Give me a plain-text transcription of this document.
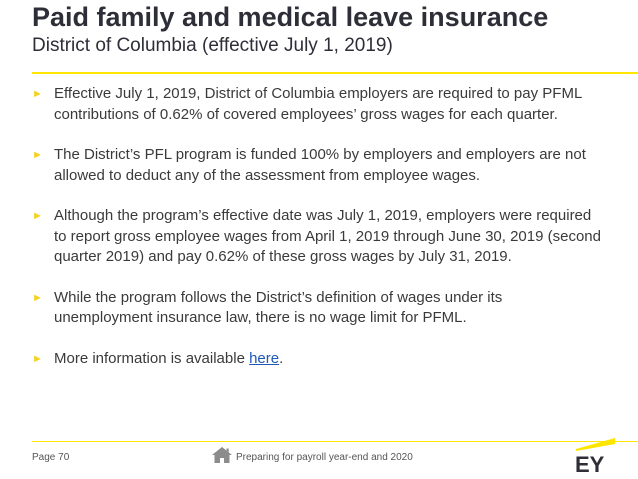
Paid family and medical leave insurance
District of Columbia (effective July 1, 2019)
► Effective July 1, 2019, District of Columbia employers are required to pay PFML contributions of 0.62% of covered employees’ gross wages for each quarter.
► The District’s PFL program is funded 100% by employers and employers are not allowed to deduct any of the assessment from employee wages.
► Although the program’s effective date was July 1, 2019, employers were required to report gross employee wages from April 1, 2019 through June 30, 2019 (second quarter 2019) and pay 0.62% of these gross wages by July 31, 2019.
► While the program follows the District’s definition of wages under its unemployment insurance law, there is no wage limit for PFML.
► More information is available here.
Page 70	Preparing for payroll year-end and 2020	EY
